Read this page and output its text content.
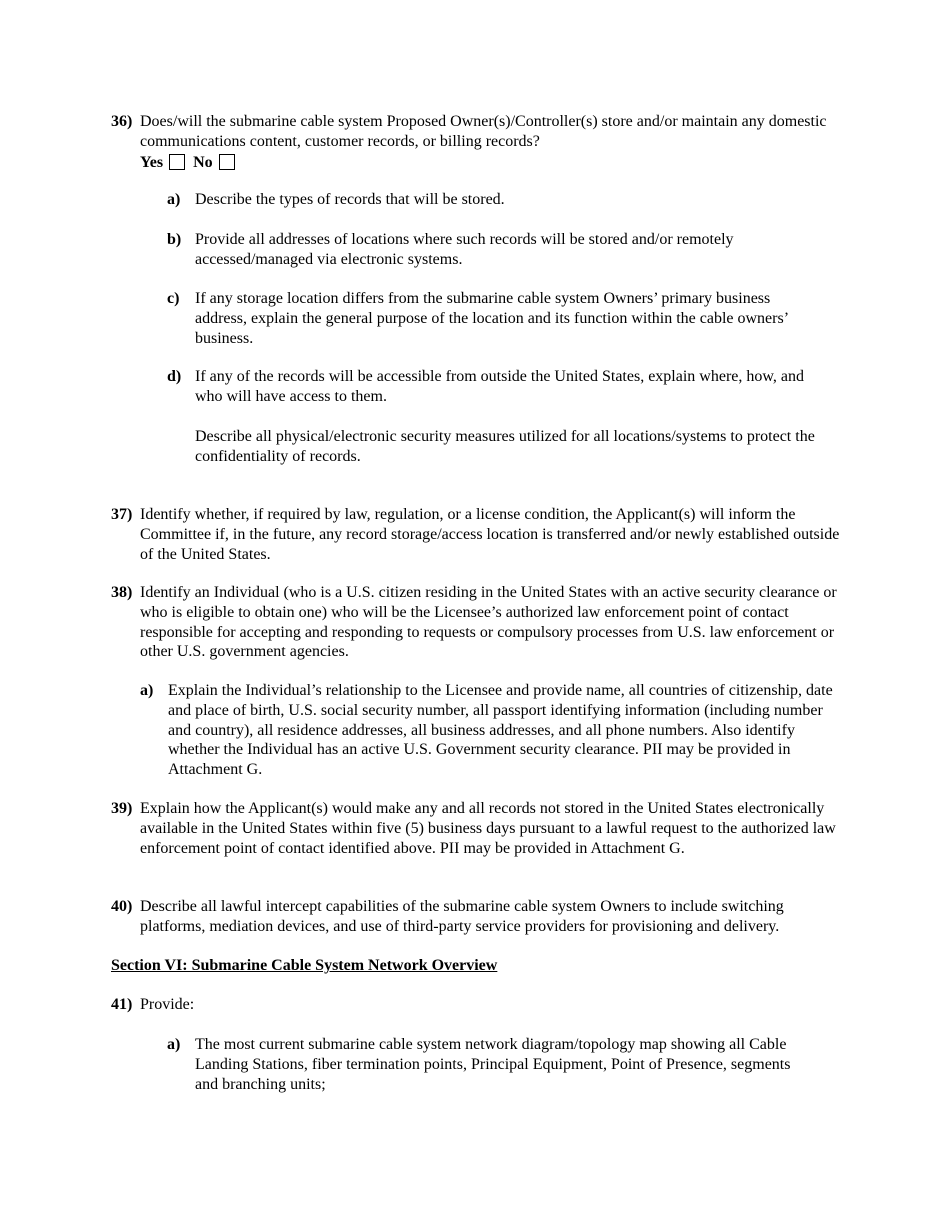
36) Does/will the submarine cable system Proposed Owner(s)/Controller(s) store and/or maintain any domestic communications content, customer records, or billing records?
Yes No
a) Describe the types of records that will be stored.
b) Provide all addresses of locations where such records will be stored and/or remotely accessed/managed via electronic systems.
c) If any storage location differs from the submarine cable system Owners’ primary business address, explain the general purpose of the location and its function within the cable owners’ business.
d) If any of the records will be accessible from outside the United States, explain where, how, and who will have access to them.
Describe all physical/electronic security measures utilized for all locations/systems to protect the confidentiality of records.
37) Identify whether, if required by law, regulation, or a license condition, the Applicant(s) will inform the Committee if, in the future, any record storage/access location is transferred and/or newly established outside of the United States.
38) Identify an Individual (who is a U.S. citizen residing in the United States with an active security clearance or who is eligible to obtain one) who will be the Licensee’s authorized law enforcement point of contact responsible for accepting and responding to requests or compulsory processes from U.S. law enforcement or other U.S. government agencies.
a) Explain the Individual’s relationship to the Licensee and provide name, all countries of citizenship, date and place of birth, U.S. social security number, all passport identifying information (including number and country), all residence addresses, all business addresses, and all phone numbers. Also identify whether the Individual has an active U.S. Government security clearance. PII may be provided in Attachment G.
39) Explain how the Applicant(s) would make any and all records not stored in the United States electronically available in the United States within five (5) business days pursuant to a lawful request to the authorized law enforcement point of contact identified above. PII may be provided in Attachment G.
40) Describe all lawful intercept capabilities of the submarine cable system Owners to include switching platforms, mediation devices, and use of third-party service providers for provisioning and delivery.
Section VI: Submarine Cable System Network Overview
41) Provide:
a) The most current submarine cable system network diagram/topology map showing all Cable Landing Stations, fiber termination points, Principal Equipment, Point of Presence, segments and branching units;
